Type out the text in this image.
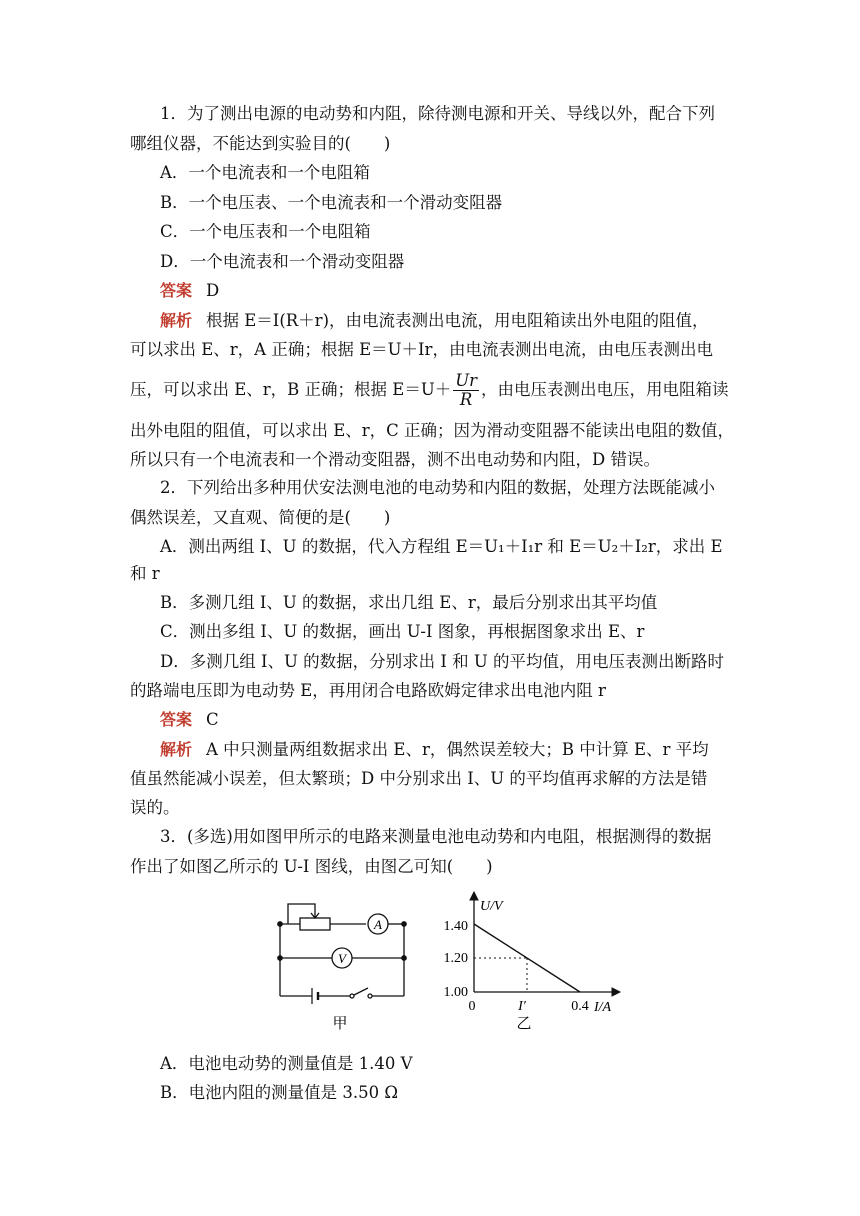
1．为了测出电源的电动势和内阻，除待测电源和开关、导线以外，配合下列
哪组仪器，不能达到实验目的(　　)
A．一个电流表和一个电阻箱
B．一个电压表、一个电流表和一个滑动变阻器
C．一个电压表和一个电阻箱
D．一个电流表和一个滑动变阻器
答案 D
解析 根据 E＝I(R＋r)，由电流表测出电流，用电阻箱读出外电阻的阻值，
可以求出 E、r，A 正确；根据 E＝U＋Ir，由电流表测出电流，由电压表测出电
压，可以求出 E、r，B 正确；根据 $E=U+ \frac{Ur}{R}$ ，由电压表测出电压，用电阻箱读
出外电阻的阻值，可以求出 E、r，C 正确；因为滑动变阻器不能读出电阻的数值，
所以只有一个电流表和一个滑动变阻器，测不出电动势和内阻，D 错误。
2．下列给出多种用伏安法测电池的电动势和内阻的数据，处理方法既能减小
偶然误差，又直观、简便的是(　　)
A．测出两组 I、U 的数据，代入方程组 E＝U₁＋I₁r 和 E＝U₂＋I₂r，求出 E
和 r
B．多测几组 I、U 的数据，求出几组 E、r，最后分别求出其平均值
C．测出多组 I、U 的数据，画出 U-I 图象，再根据图象求出 E、r
D．多测几组 I、U 的数据，分别求出 I 和 U 的平均值，用电压表测出断路时
的路端电压即为电动势 E，再用闭合电路欧姆定律求出电池内阻 r
答案 C
解析 A 中只测量两组数据求出 E、r，偶然误差较大；B 中计算 E、r 平均
值虽然能减小误差，但太繁琐；D 中分别求出 I、U 的平均值再求解的方法是错
误的。
3．(多选)用如图甲所示的电路来测量电池电动势和内电阻，根据测得的数据
作出了如图乙所示的 U-I 图线，由图乙可知(　　)
A
V
甲
U/V
I/A
1.40
1.20
1.00
0	I′	0.4
乙
A．电池电动势的测量值是 1.40 V
B．电池内阻的测量值是 3.50 Ω
